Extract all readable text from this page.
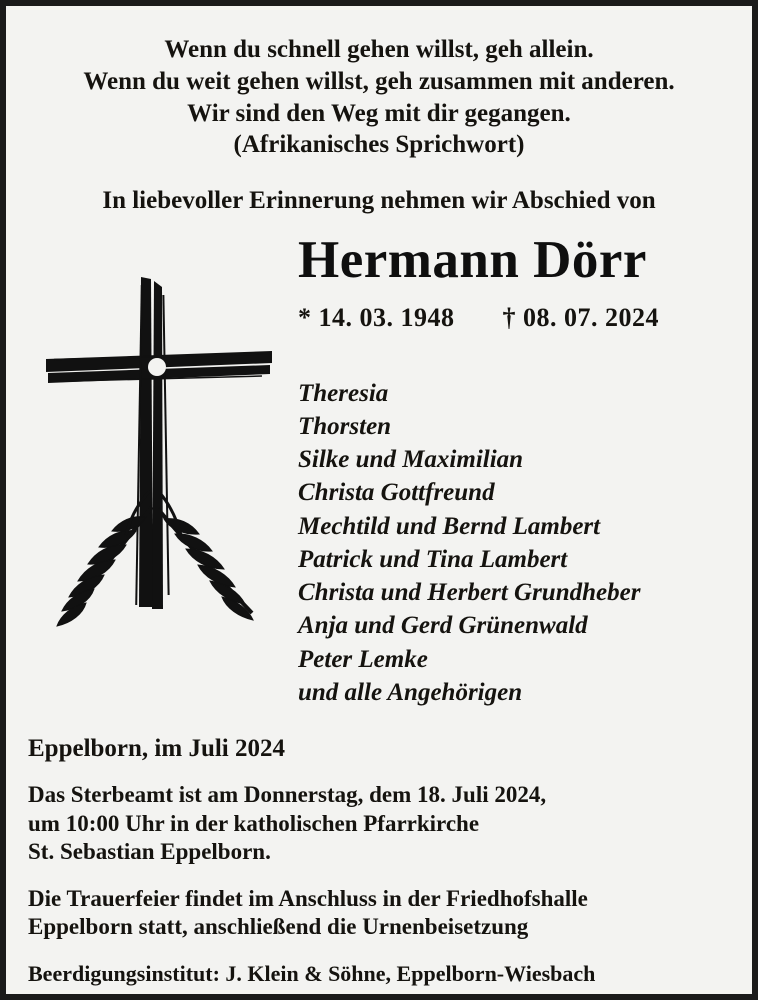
Wenn du schnell gehen willst, geh allein.
Wenn du weit gehen willst, geh zusammen mit anderen.
Wir sind den Weg mit dir gegangen.
(Afrikanisches Sprichwort)
In liebevoller Erinnerung nehmen wir Abschied von
Hermann Dörr
* 14. 03. 1948 † 08. 07. 2024
Theresia
Thorsten
Silke und Maximilian
Christa Gottfreund
Mechtild und Bernd Lambert
Patrick und Tina Lambert
Christa und Herbert Grundheber
Anja und Gerd Grünenwald
Peter Lemke
und alle Angehörigen
Eppelborn, im Juli 2024
Das Sterbeamt ist am Donnerstag, dem 18. Juli 2024,
um 10:00 Uhr in der katholischen Pfarrkirche
St. Sebastian Eppelborn.
Die Trauerfeier findet im Anschluss in der Friedhofshalle
Eppelborn statt, anschließend die Urnenbeisetzung
Beerdigungsinstitut: J. Klein & Söhne, Eppelborn-Wiesbach
